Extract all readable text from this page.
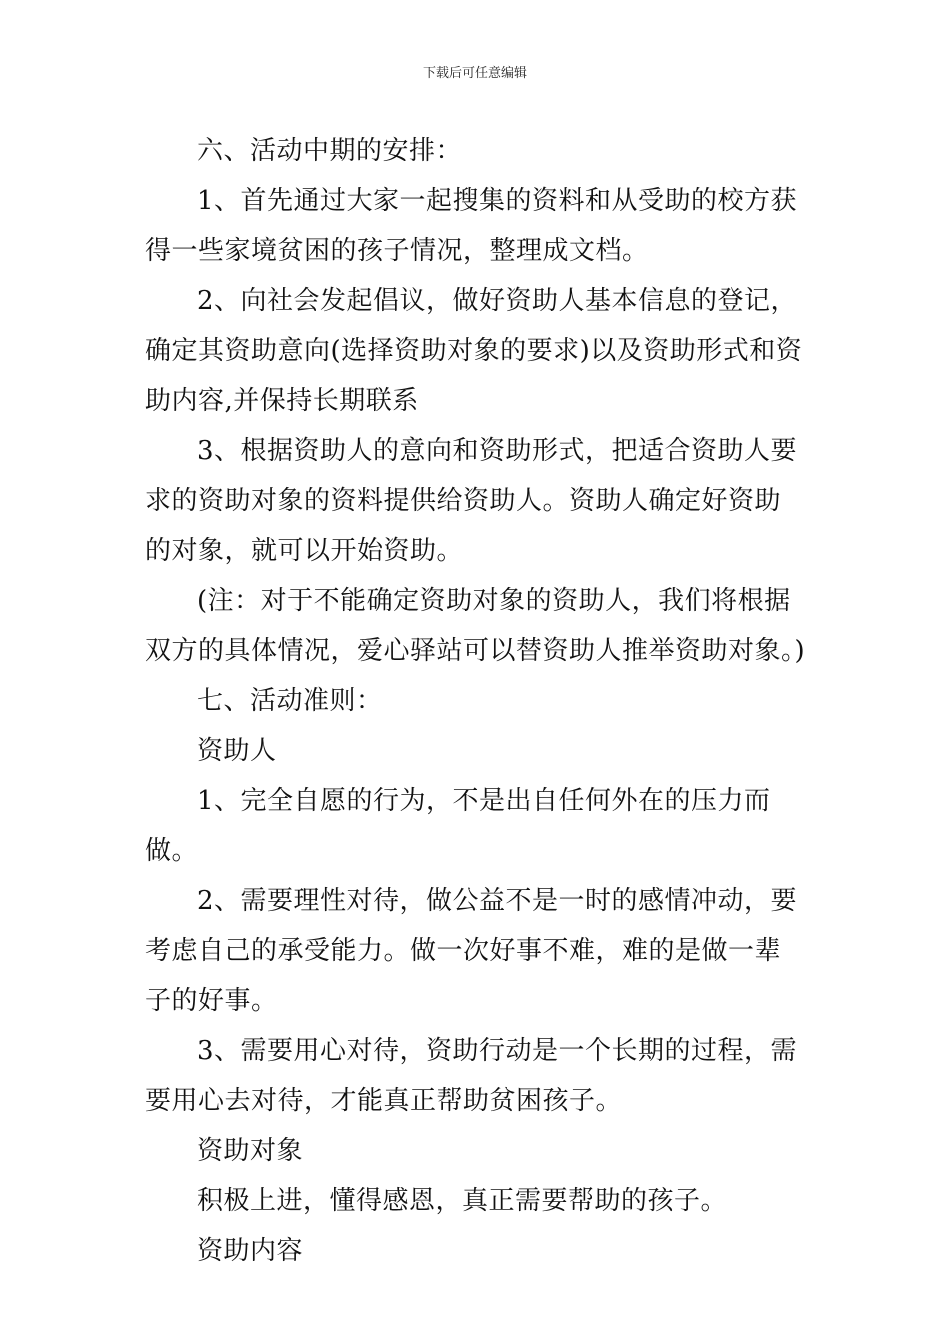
下载后可任意编辑

六、活动中期的安排：

1、首先通过大家一起搜集的资料和从受助的校方获得一些家境贫困的孩子情况，整理成文档。

2、向社会发起倡议，做好资助人基本信息的登记，确定其资助意向(选择资助对象的要求)以及资助形式和资助内容,并保持长期联系

3、根据资助人的意向和资助形式，把适合资助人要求的资助对象的资料提供给资助人。资助人确定好资助的对象，就可以开始资助。

(注：对于不能确定资助对象的资助人，我们将根据双方的具体情况，爱心驿站可以替资助人推举资助对象。)

七、活动准则：

资助人

1、完全自愿的行为，不是出自任何外在的压力而做。

2、需要理性对待，做公益不是一时的感情冲动，要考虑自己的承受能力。做一次好事不难，难的是做一辈子的好事。

3、需要用心对待，资助行动是一个长期的过程，需要用心去对待，才能真正帮助贫困孩子。

资助对象

积极上进，懂得感恩，真正需要帮助的孩子。

资助内容
